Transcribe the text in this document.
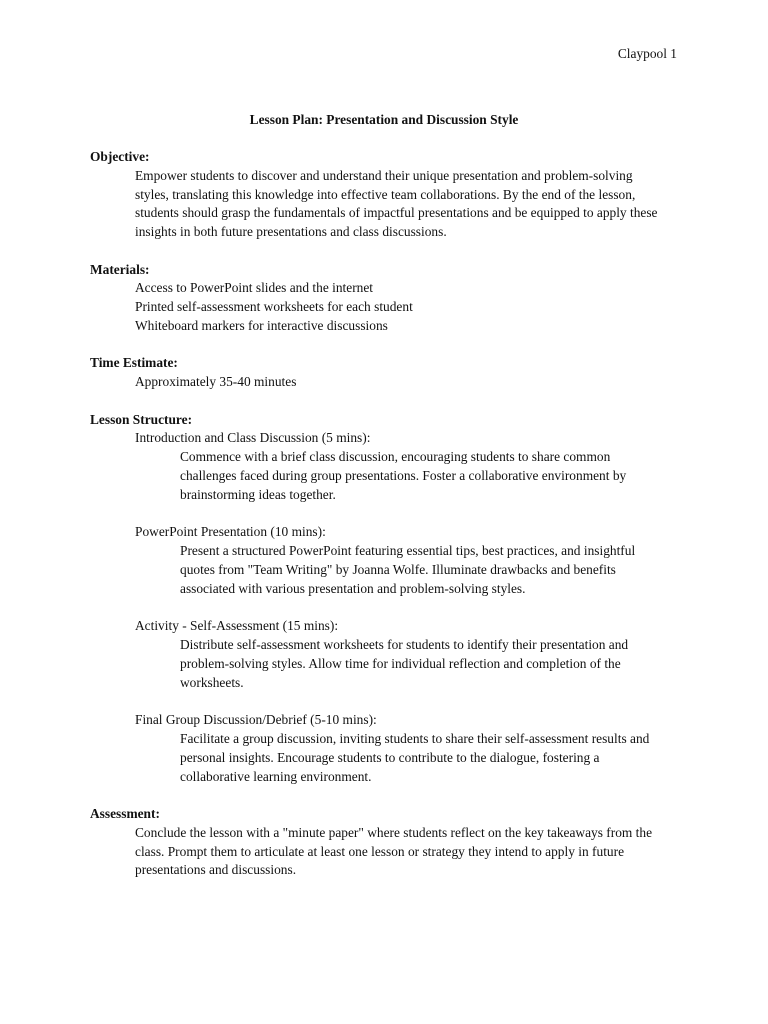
Claypool 1
Lesson Plan: Presentation and Discussion Style
Objective:
Empower students to discover and understand their unique presentation and problem-solving
styles, translating this knowledge into effective team collaborations. By the end of the lesson,
students should grasp the fundamentals of impactful presentations and be equipped to apply these
insights in both future presentations and class discussions.
Materials:
Access to PowerPoint slides and the internet
Printed self-assessment worksheets for each student
Whiteboard markers for interactive discussions
Time Estimate:
Approximately 35-40 minutes
Lesson Structure:
Introduction and Class Discussion (5 mins):
Commence with a brief class discussion, encouraging students to share common
challenges faced during group presentations. Foster a collaborative environment by
brainstorming ideas together.
PowerPoint Presentation (10 mins):
Present a structured PowerPoint featuring essential tips, best practices, and insightful
quotes from "Team Writing" by Joanna Wolfe. Illuminate drawbacks and benefits
associated with various presentation and problem-solving styles.
Activity - Self-Assessment (15 mins):
Distribute self-assessment worksheets for students to identify their presentation and
problem-solving styles. Allow time for individual reflection and completion of the
worksheets.
Final Group Discussion/Debrief (5-10 mins):
Facilitate a group discussion, inviting students to share their self-assessment results and
personal insights. Encourage students to contribute to the dialogue, fostering a
collaborative learning environment.
Assessment:
Conclude the lesson with a "minute paper" where students reflect on the key takeaways from the
class. Prompt them to articulate at least one lesson or strategy they intend to apply in future
presentations and discussions.
